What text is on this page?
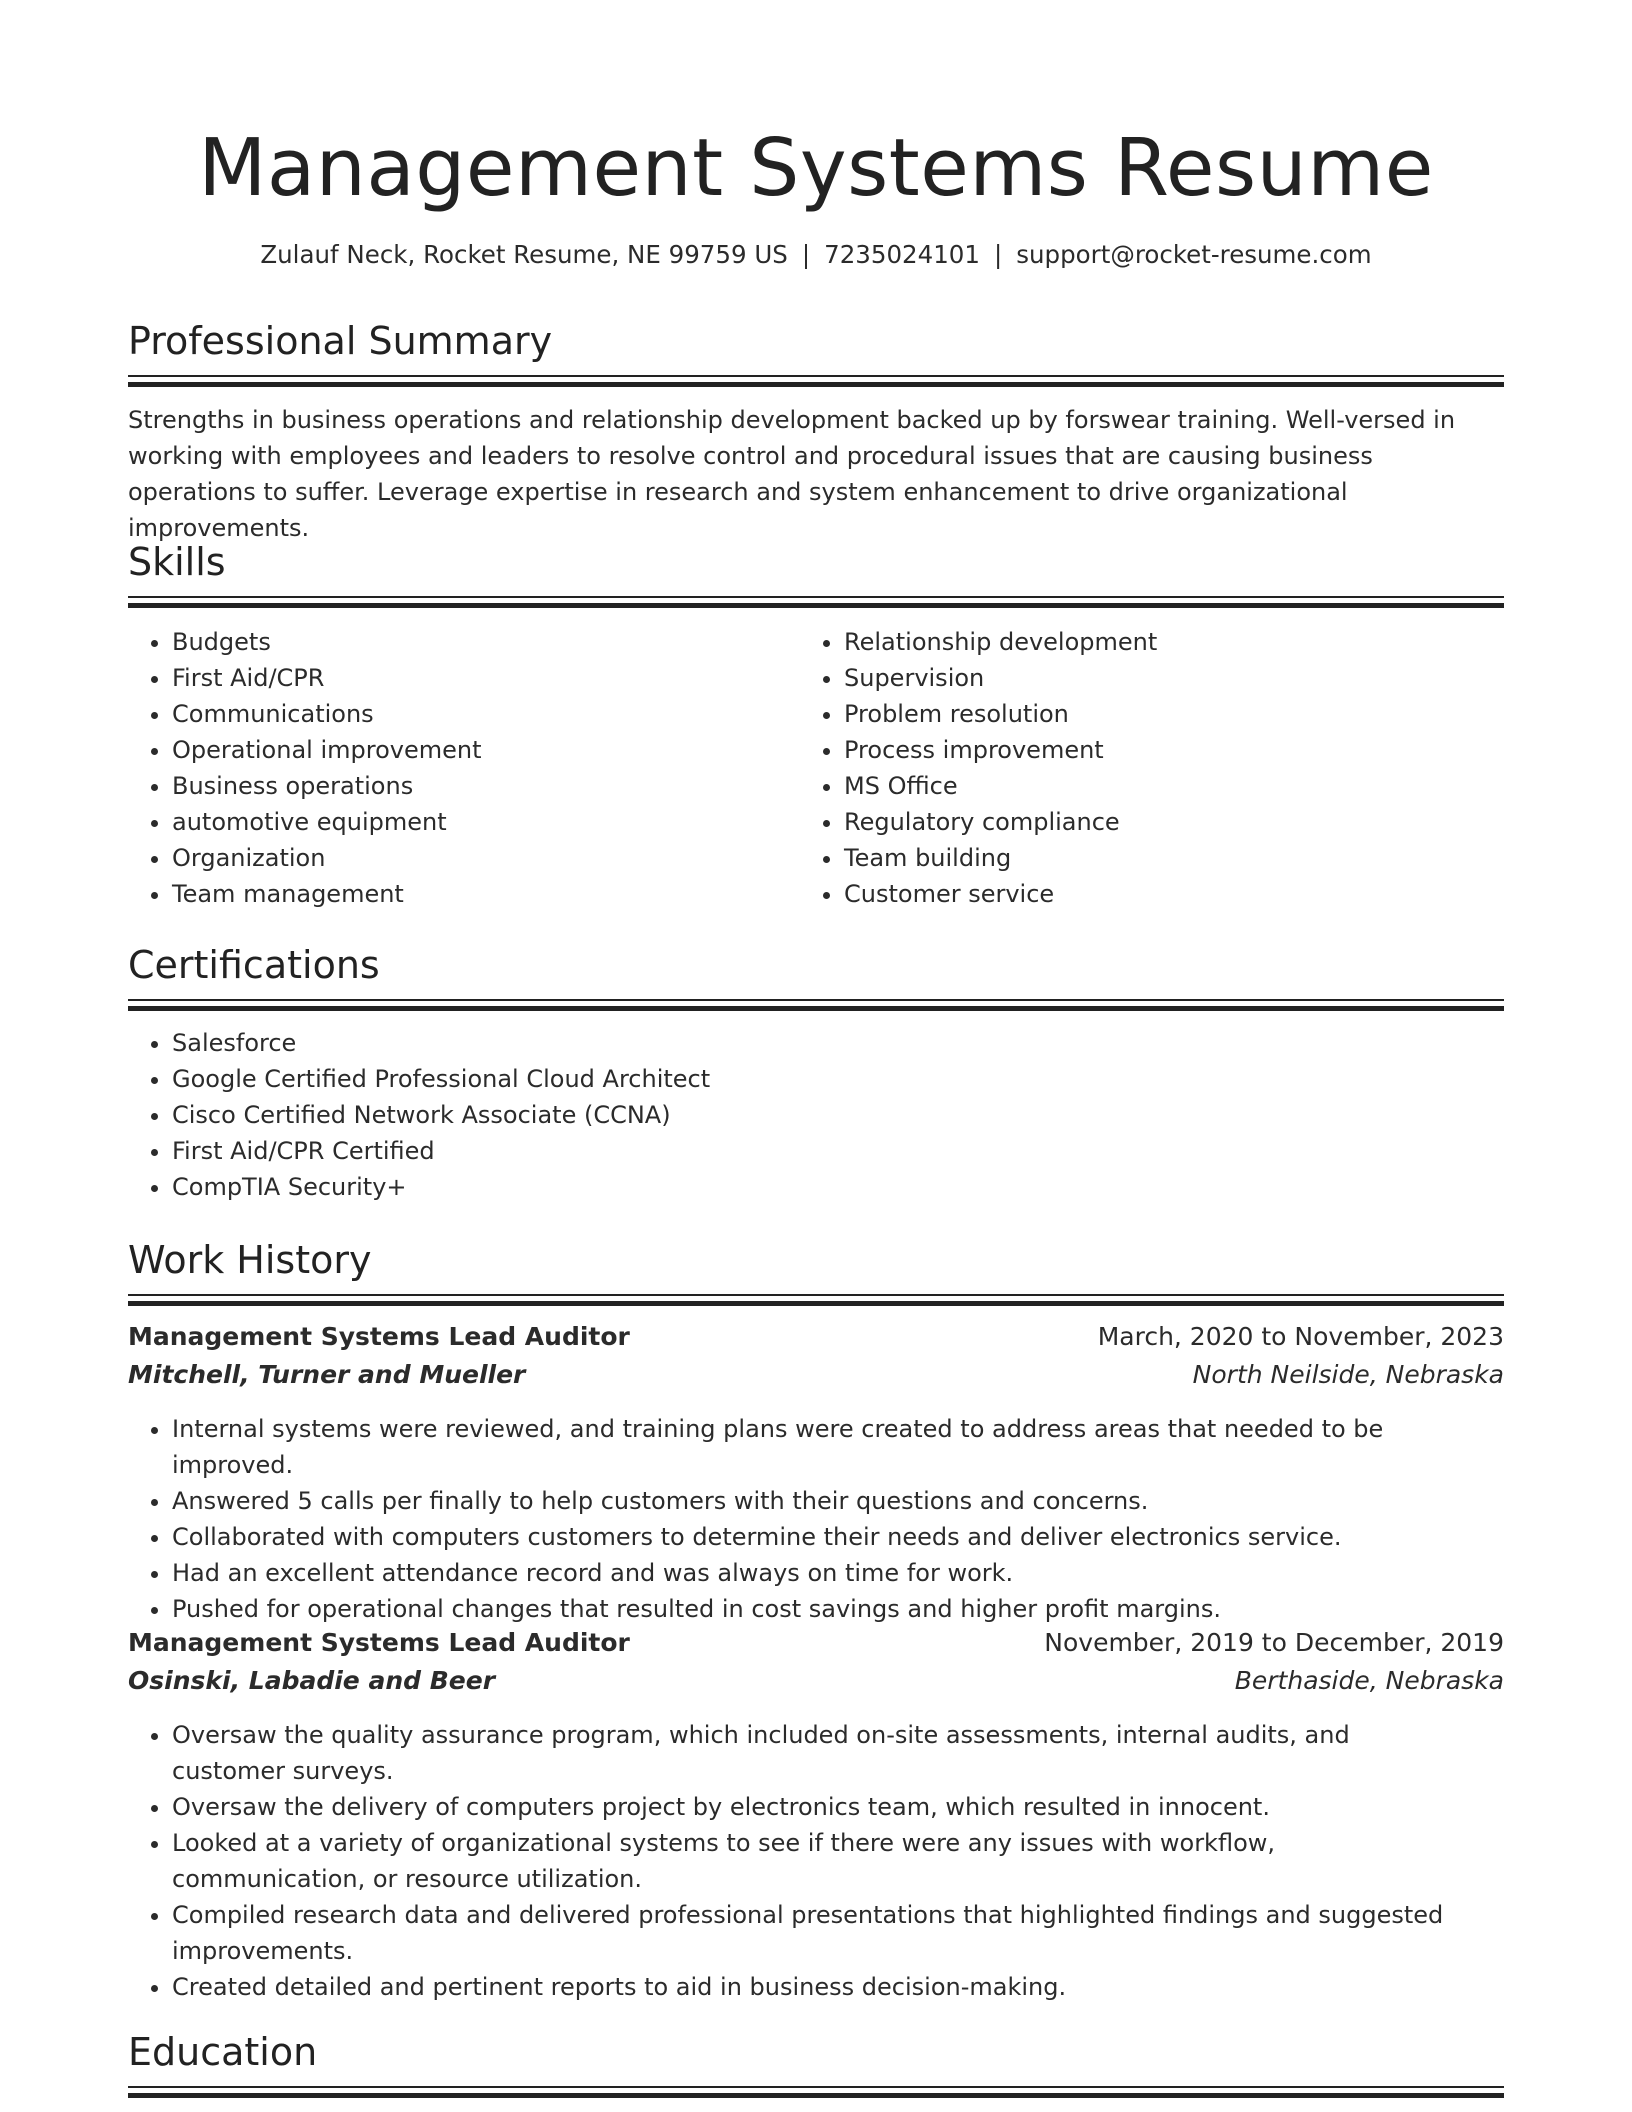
Management Systems Resume
Zulauf Neck, Rocket Resume, NE 99759 US | 7235024101 | support@rocket-resume.com
Professional Summary

Strengths in business operations and relationship development backed up by forswear training. Well-versed in working with employees and leaders to resolve control and procedural issues that are causing business operations to suffer. Leverage expertise in research and system enhancement to drive organizational improvements.

Skills
• Budgets
• First Aid/CPR
• Communications
• Operational improvement
• Business operations
• automotive equipment
• Organization
• Team management
• Relationship development
• Supervision
• Problem resolution
• Process improvement
• MS Office
• Regulatory compliance
• Team building
• Customer service
Certifications
• Salesforce
• Google Certified Professional Cloud Architect
• Cisco Certified Network Associate (CCNA)
• First Aid/CPR Certified
• CompTIA Security+
Work History
Management Systems Lead Auditor	March, 2020 to November, 2023
Mitchell, Turner and Mueller	North Neilside, Nebraska
• Internal systems were reviewed, and training plans were created to address areas that needed to be improved.
• Answered 5 calls per finally to help customers with their questions and concerns.
• Collaborated with computers customers to determine their needs and deliver electronics service.
• Had an excellent attendance record and was always on time for work.
• Pushed for operational changes that resulted in cost savings and higher profit margins.
Management Systems Lead Auditor	November, 2019 to December, 2019
Osinski, Labadie and Beer	Berthaside, Nebraska
• Oversaw the quality assurance program, which included on-site assessments, internal audits, and customer surveys.
• Oversaw the delivery of computers project by electronics team, which resulted in innocent.
• Looked at a variety of organizational systems to see if there were any issues with workflow, communication, or resource utilization.
• Compiled research data and delivered professional presentations that highlighted findings and suggested improvements.
• Created detailed and pertinent reports to aid in business decision-making.
Education
